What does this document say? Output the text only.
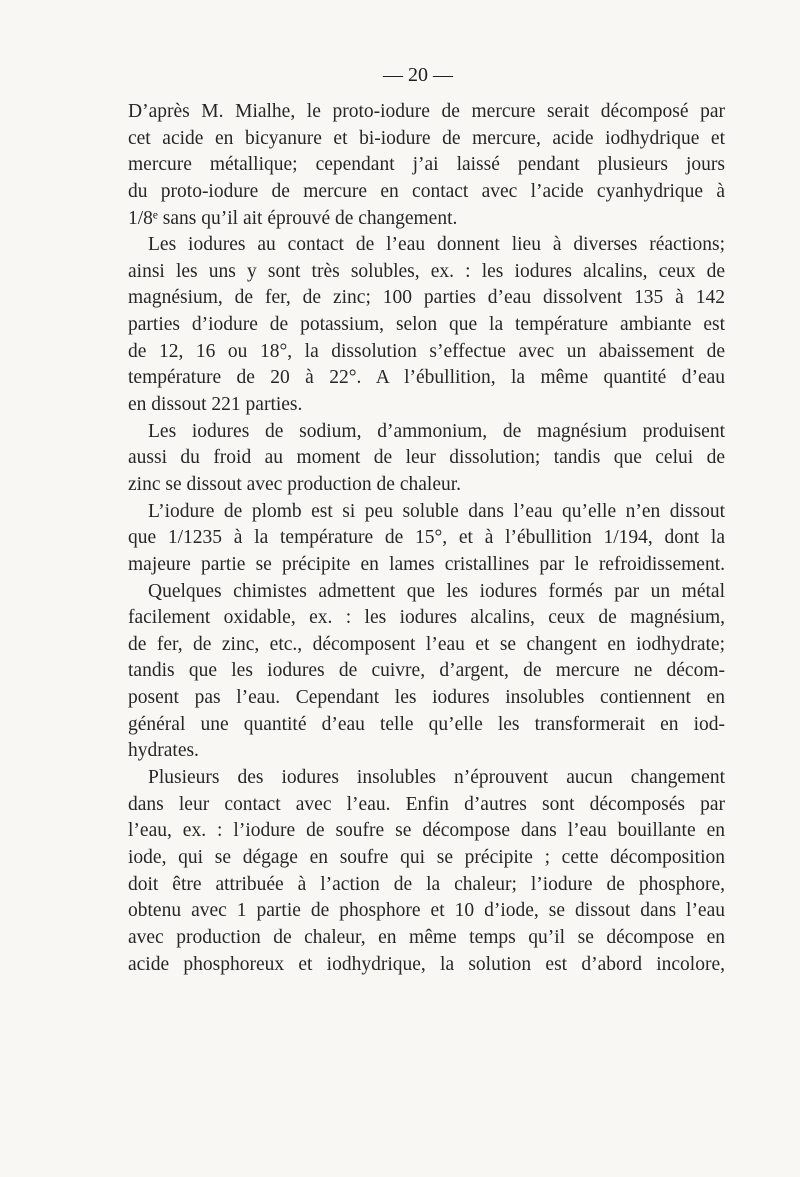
— 20 —
D’après M. Mialhe, le proto-iodure de mercure serait décomposé par
cet acide en bicyanure et bi-iodure de mercure, acide iodhydrique et
mercure métallique; cependant j’ai laissé pendant plusieurs jours
du proto-iodure de mercure en contact avec l’acide cyanhydrique à
1/8ᵉ sans qu’il ait éprouvé de changement.
Les iodures au contact de l’eau donnent lieu à diverses réactions;
ainsi les uns y sont très solubles, ex. : les iodures alcalins, ceux de
magnésium, de fer, de zinc; 100 parties d’eau dissolvent 135 à 142
parties d’iodure de potassium, selon que la température ambiante est
de 12, 16 ou 18°, la dissolution s’effectue avec un abaissement de
température de 20 à 22°. A l’ébullition, la même quantité d’eau
en dissout 221 parties.
Les iodures de sodium, d’ammonium, de magnésium produisent
aussi du froid au moment de leur dissolution; tandis que celui de
zinc se dissout avec production de chaleur.
L’iodure de plomb est si peu soluble dans l’eau qu’elle n’en dissout
que 1/1235 à la température de 15°, et à l’ébullition 1/194, dont la
majeure partie se précipite en lames cristallines par le refroidissement.
Quelques chimistes admettent que les iodures formés par un métal
facilement oxidable, ex. : les iodures alcalins, ceux de magnésium,
de fer, de zinc, etc., décomposent l’eau et se changent en iodhydrate;
tandis que les iodures de cuivre, d’argent, de mercure ne décom-
posent pas l’eau. Cependant les iodures insolubles contiennent en
général une quantité d’eau telle qu’elle les transformerait en iod-
hydrates.
Plusieurs des iodures insolubles n’éprouvent aucun changement
dans leur contact avec l’eau. Enfin d’autres sont décomposés par
l’eau, ex. : l’iodure de soufre se décompose dans l’eau bouillante en
iode, qui se dégage en soufre qui se précipite ; cette décomposition
doit être attribuée à l’action de la chaleur; l’iodure de phosphore,
obtenu avec 1 partie de phosphore et 10 d’iode, se dissout dans l’eau
avec production de chaleur, en même temps qu’il se décompose en
acide phosphoreux et iodhydrique, la solution est d’abord incolore,
